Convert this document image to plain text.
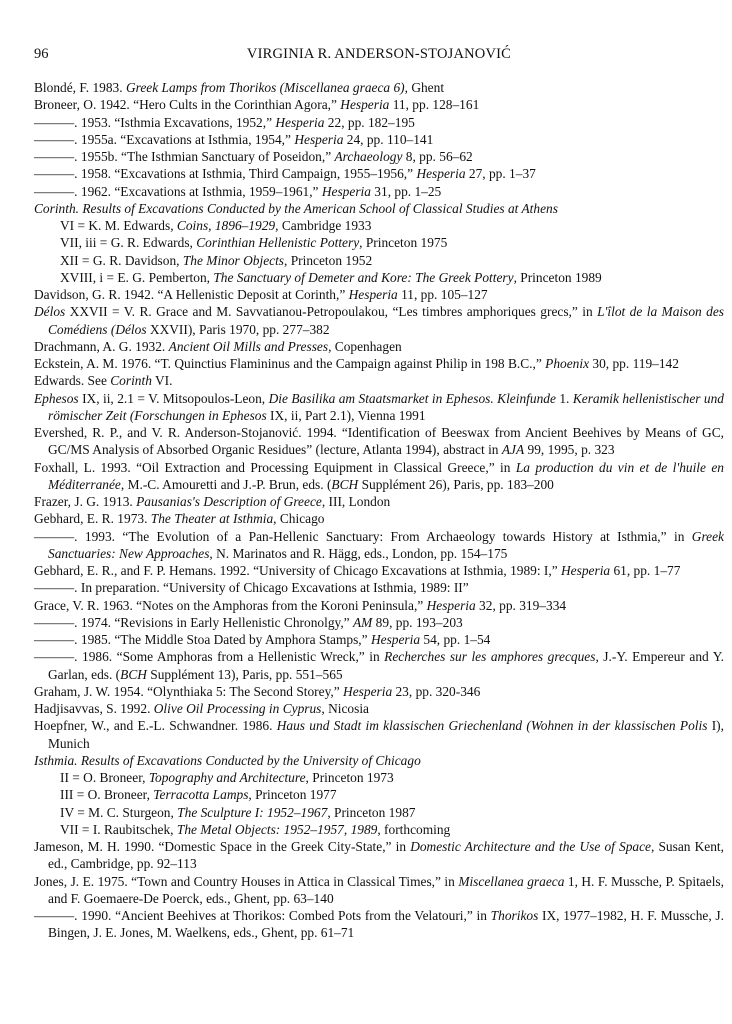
96	VIRGINIA R. ANDERSON-STOJANOVIĆ
Blondé, F. 1983. Greek Lamps from Thorikos (Miscellanea graeca 6), Ghent
Broneer, O. 1942. “Hero Cults in the Corinthian Agora,” Hesperia 11, pp. 128–161
———. 1953. “Isthmia Excavations, 1952,” Hesperia 22, pp. 182–195
———. 1955a. “Excavations at Isthmia, 1954,” Hesperia 24, pp. 110–141
———. 1955b. “The Isthmian Sanctuary of Poseidon,” Archaeology 8, pp. 56–62
———. 1958. “Excavations at Isthmia, Third Campaign, 1955–1956,” Hesperia 27, pp. 1–37
———. 1962. “Excavations at Isthmia, 1959–1961,” Hesperia 31, pp. 1–25
Corinth. Results of Excavations Conducted by the American School of Classical Studies at Athens
VI = K. M. Edwards, Coins, 1896–1929, Cambridge 1933
VII, iii = G. R. Edwards, Corinthian Hellenistic Pottery, Princeton 1975
XII = G. R. Davidson, The Minor Objects, Princeton 1952
XVIII, i = E. G. Pemberton, The Sanctuary of Demeter and Kore: The Greek Pottery, Princeton 1989
Davidson, G. R. 1942. “A Hellenistic Deposit at Corinth,” Hesperia 11, pp. 105–127
Délos XXVII = V. R. Grace and M. Savvatianou-Petropoulakou, “Les timbres amphoriques grecs,” in L'îlot de la Maison des Comédiens (Délos XXVII), Paris 1970, pp. 277–382
Drachmann, A. G. 1932. Ancient Oil Mills and Presses, Copenhagen
Eckstein, A. M. 1976. “T. Quinctius Flamininus and the Campaign against Philip in 198 B.C.,” Phoenix 30, pp. 119–142
Edwards. See Corinth VI.
Ephesos IX, ii, 2.1 = V. Mitsopoulos-Leon, Die Basilika am Staatsmarket in Ephesos. Kleinfunde 1. Keramik hellenistischer und römischer Zeit (Forschungen in Ephesos IX, ii, Part 2.1), Vienna 1991
Evershed, R. P., and V. R. Anderson-Stojanović. 1994. “Identification of Beeswax from Ancient Beehives by Means of GC, GC/MS Analysis of Absorbed Organic Residues” (lecture, Atlanta 1994), abstract in AJA 99, 1995, p. 323
Foxhall, L. 1993. “Oil Extraction and Processing Equipment in Classical Greece,” in La production du vin et de l'huile en Méditerranée, M.-C. Amouretti and J.-P. Brun, eds. (BCH Supplément 26), Paris, pp. 183–200
Frazer, J. G. 1913. Pausanias's Description of Greece, III, London
Gebhard, E. R. 1973. The Theater at Isthmia, Chicago
———. 1993. “The Evolution of a Pan-Hellenic Sanctuary: From Archaeology towards History at Isthmia,” in Greek Sanctuaries: New Approaches, N. Marinatos and R. Hägg, eds., London, pp. 154–175
Gebhard, E. R., and F. P. Hemans. 1992. “University of Chicago Excavations at Isthmia, 1989: I,” Hesperia 61, pp. 1–77
———. In preparation. “University of Chicago Excavations at Isthmia, 1989: II”
Grace, V. R. 1963. “Notes on the Amphoras from the Koroni Peninsula,” Hesperia 32, pp. 319–334
———. 1974. “Revisions in Early Hellenistic Chronolgy,” AM 89, pp. 193–203
———. 1985. “The Middle Stoa Dated by Amphora Stamps,” Hesperia 54, pp. 1–54
———. 1986. “Some Amphoras from a Hellenistic Wreck,” in Recherches sur les amphores grecques, J.-Y. Empereur and Y. Garlan, eds. (BCH Supplément 13), Paris, pp. 551–565
Graham, J. W. 1954. “Olynthiaka 5: The Second Storey,” Hesperia 23, pp. 320-346
Hadjisavvas, S. 1992. Olive Oil Processing in Cyprus, Nicosia
Hoepfner, W., and E.-L. Schwandner. 1986. Haus und Stadt im klassischen Griechenland (Wohnen in der klassischen Polis I), Munich
Isthmia. Results of Excavations Conducted by the University of Chicago
II = O. Broneer, Topography and Architecture, Princeton 1973
III = O. Broneer, Terracotta Lamps, Princeton 1977
IV = M. C. Sturgeon, The Sculpture I: 1952–1967, Princeton 1987
VII = I. Raubitschek, The Metal Objects: 1952–1957, 1989, forthcoming
Jameson, M. H. 1990. “Domestic Space in the Greek City-State,” in Domestic Architecture and the Use of Space, Susan Kent, ed., Cambridge, pp. 92–113
Jones, J. E. 1975. “Town and Country Houses in Attica in Classical Times,” in Miscellanea graeca 1, H. F. Mussche, P. Spitaels, and F. Goemaere-De Poerck, eds., Ghent, pp. 63–140
———. 1990. “Ancient Beehives at Thorikos: Combed Pots from the Velatouri,” in Thorikos IX, 1977–1982, H. F. Mussche, J. Bingen, J. E. Jones, M. Waelkens, eds., Ghent, pp. 61–71
